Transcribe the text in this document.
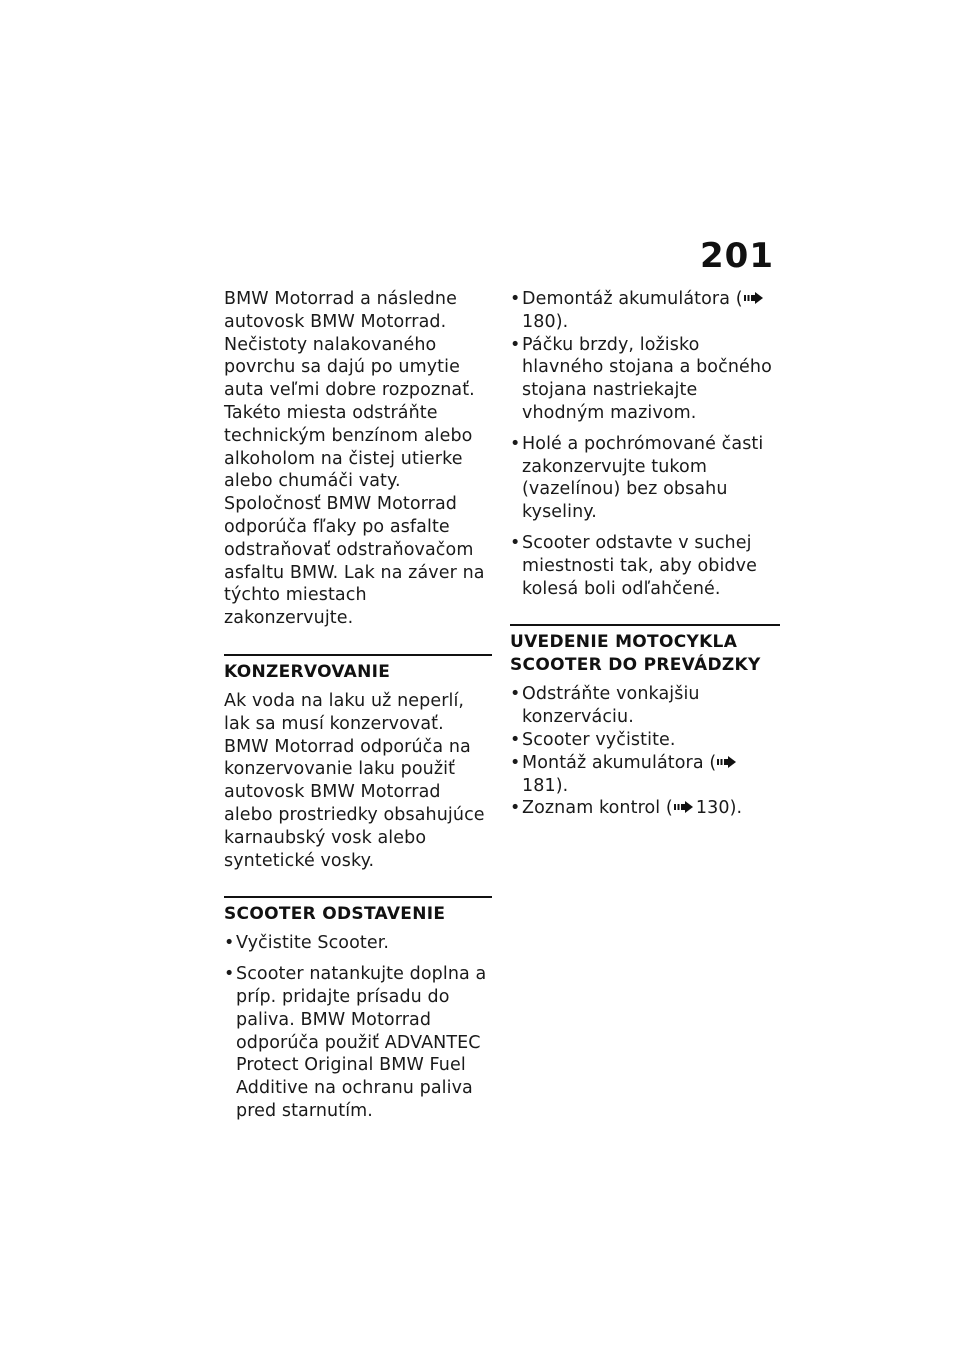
201

BMW Motorrad a následne autovosk BMW Motorrad. Nečistoty nalakovaného povrchu sa dajú po umytie auta veľmi dobre rozpoznať. Takéto miesta odstráňte technickým benzínom alebo alkoholom na čistej utierke alebo chumáči vaty. Spoločnosť BMW Motorrad odporúča fľaky po asfalte odstraňovať odstraňovačom asfaltu BMW. Lak na záver na týchto miestach zakonzervujte.

KONZERVOVANIE

Ak voda na laku už neperlí, lak sa musí konzervovať.

BMW Motorrad odporúča na konzervovanie laku použiť autovosk BMW Motorrad alebo prostriedky obsahujúce karnaubský vosk alebo syntetické vosky.

SCOOTER ODSTAVENIE
• Vyčistite Scooter.
• Scooter natankujte doplna a príp. pridajte prísadu do paliva. BMW Motorrad odporúča použiť ADVANTEC Protect Original BMW Fuel Additive na ochranu paliva pred starnutím.
• Demontáž akumulátora (180).
• Páčku brzdy, ložisko hlavného stojana a bočného stojana nastriekajte vhodným mazivom.
• Holé a pochrómované časti zakonzervujte tukom (vazelínou) bez obsahu kyseliny.
• Scooter odstavte v suchej miestnosti tak, aby obidve kolesá boli odľahčené.
UVEDENIE MOTOCYKLA SCOOTER DO PREVÁDZKY
• Odstráňte vonkajšiu konzerváciu.
• Scooter vyčistite.
• Montáž akumulátora (181).
• Zoznam kontrol ( 130).
